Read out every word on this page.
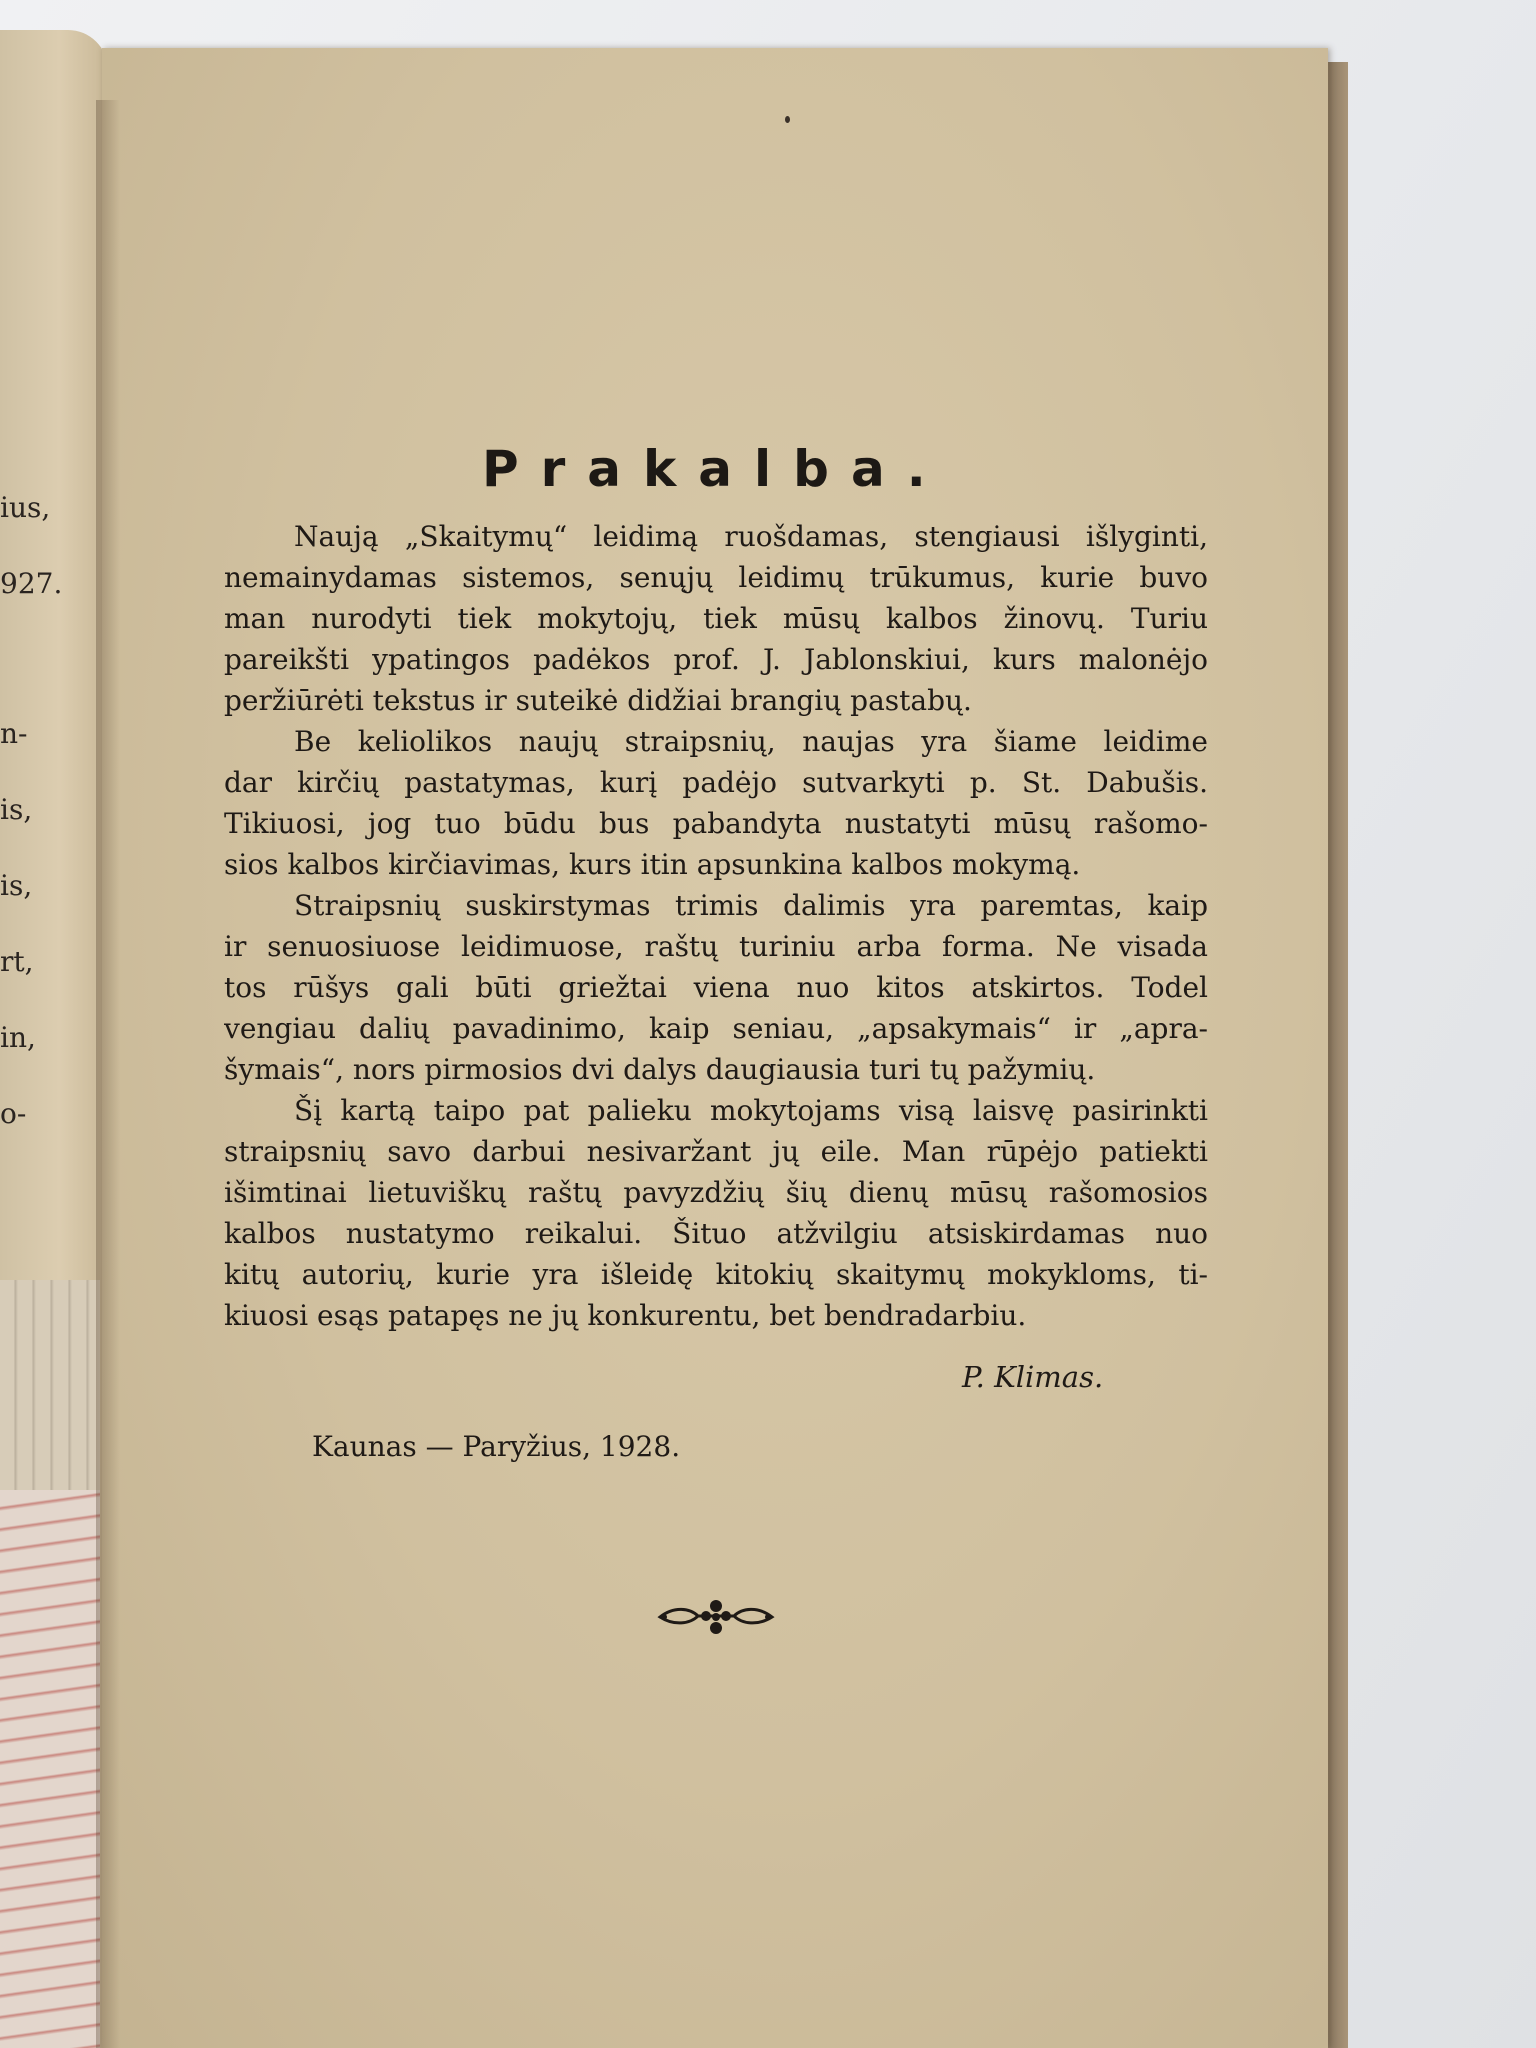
ius,
927.
n-
is,
is,
rt,
in,
o-
Prakalba.
Naują „Skaitymų“ leidimą ruošdamas, stengiausi išlyginti,
nemainydamas sistemos, senųjų leidimų trūkumus, kurie buvo
man nurodyti tiek mokytojų, tiek mūsų kalbos žinovų. Turiu
pareikšti ypatingos padėkos prof. J. Jablonskiui, kurs malonėjo
peržiūrėti tekstus ir suteikė didžiai brangių pastabų.
Be keliolikos naujų straipsnių, naujas yra šiame leidime
dar kirčių pastatymas, kurį padėjo sutvarkyti p. St. Dabušis.
Tikiuosi, jog tuo būdu bus pabandyta nustatyti mūsų rašomo-
sios kalbos kirčiavimas, kurs itin apsunkina kalbos mokymą.
Straipsnių suskirstymas trimis dalimis yra paremtas, kaip
ir senuosiuose leidimuose, raštų turiniu arba forma. Ne visada
tos rūšys gali būti griežtai viena nuo kitos atskirtos. Todel
vengiau dalių pavadinimo, kaip seniau, „apsakymais“ ir „apra-
šymais“, nors pirmosios dvi dalys daugiausia turi tų pažymių.
Šį kartą taipo pat palieku mokytojams visą laisvę pasirinkti
straipsnių savo darbui nesivaržant jų eile. Man rūpėjo patiekti
išimtinai lietuviškų raštų pavyzdžių šių dienų mūsų rašomosios
kalbos nustatymo reikalui. Šituo atžvilgiu atsiskirdamas nuo
kitų autorių, kurie yra išleidę kitokių skaitymų mokykloms, ti-
kiuosi esąs patapęs ne jų konkurentu, bet bendradarbiu.
P. Klimas.
Kaunas — Paryžius, 1928.
